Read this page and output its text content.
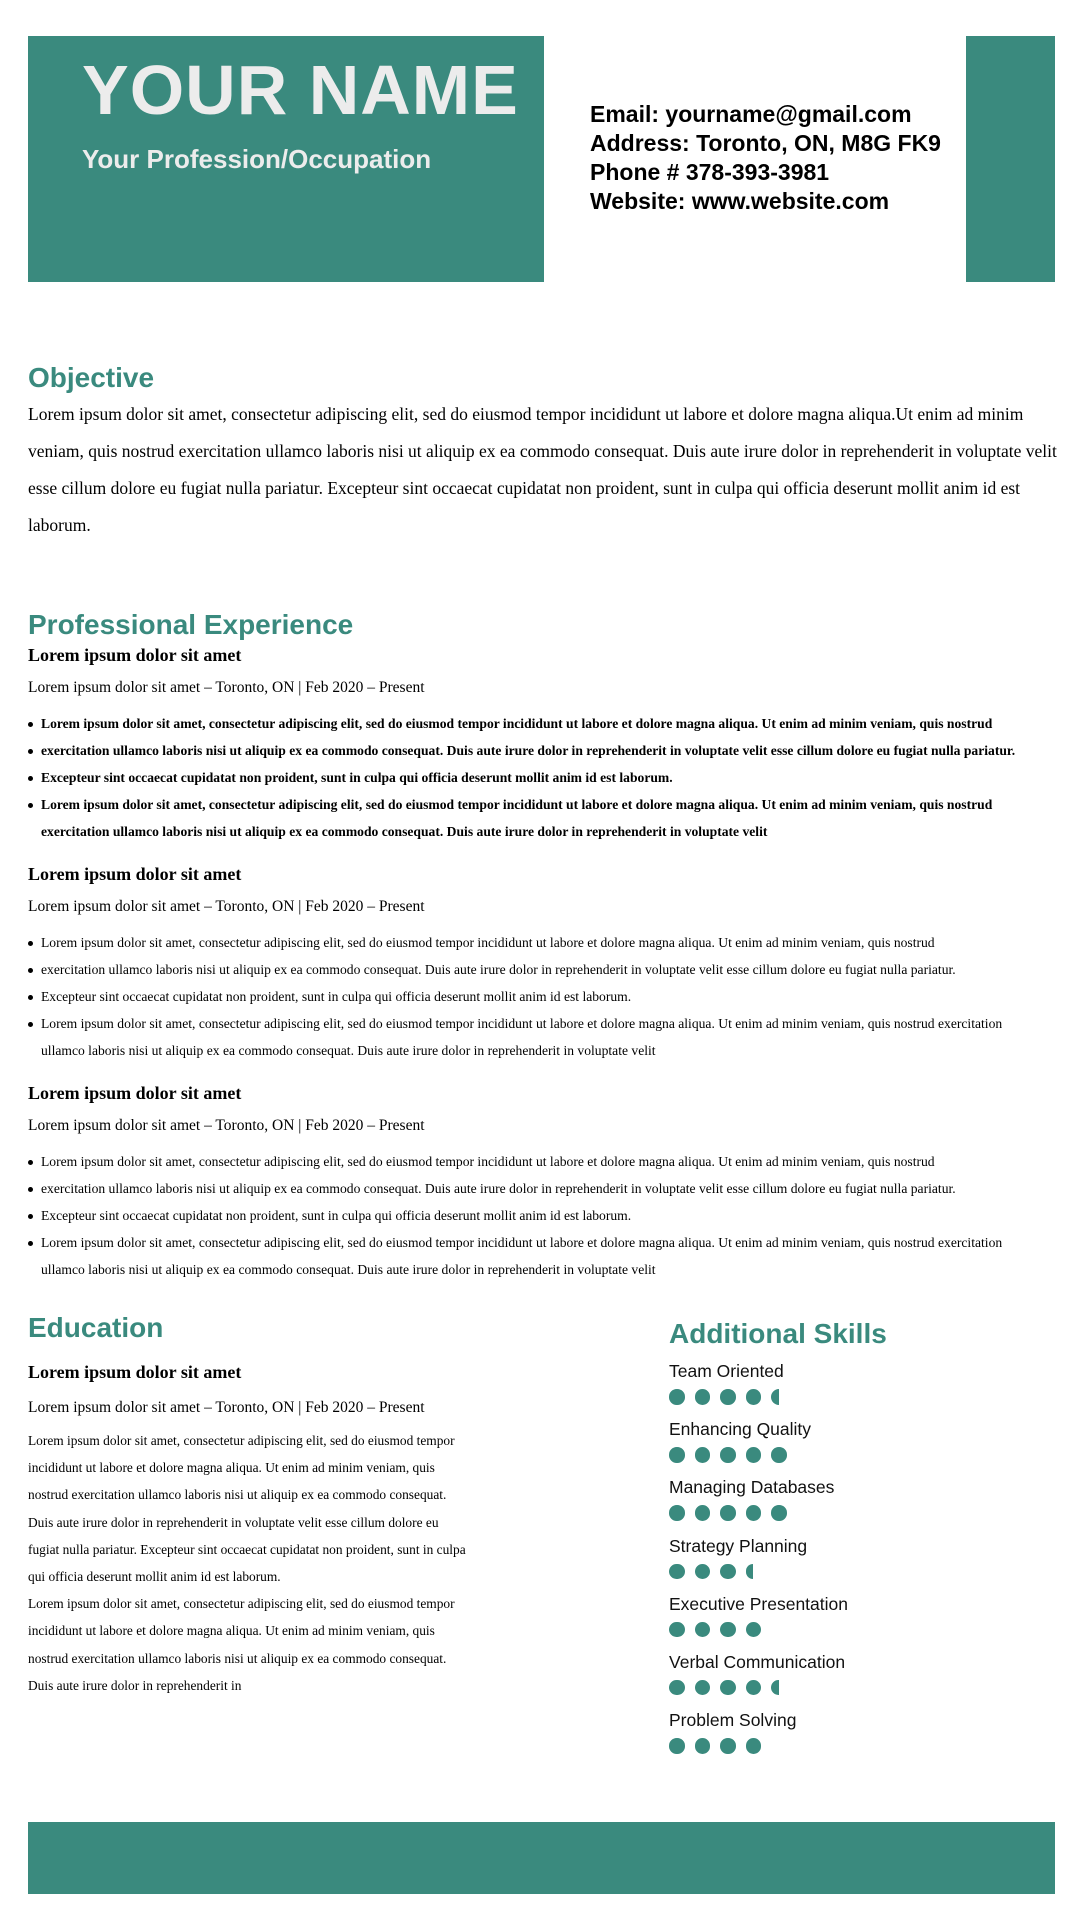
YOUR NAME
Your Profession/Occupation
Email: yourname@gmail.com
Address: Toronto, ON, M8G FK9
Phone # 378-393-3981
Website: www.website.com
Objective
Lorem ipsum dolor sit amet, consectetur adipiscing elit, sed do eiusmod tempor incididunt ut labore et dolore magna aliqua.Ut enim ad minim veniam, quis nostrud exercitation ullamco laboris nisi ut aliquip ex ea commodo consequat. Duis aute irure dolor in reprehenderit in voluptate velit esse cillum dolore eu fugiat nulla pariatur. Excepteur sint occaecat cupidatat non proident, sunt in culpa qui officia deserunt mollit anim id est laborum.
Professional Experience
Lorem ipsum dolor sit amet
Lorem ipsum dolor sit amet – Toronto, ON | Feb 2020 – Present
Lorem ipsum dolor sit amet, consectetur adipiscing elit, sed do eiusmod tempor incididunt ut labore et dolore magna aliqua. Ut enim ad minim veniam, quis nostrud
exercitation ullamco laboris nisi ut aliquip ex ea commodo consequat. Duis aute irure dolor in reprehenderit in voluptate velit esse cillum dolore eu fugiat nulla pariatur.
Excepteur sint occaecat cupidatat non proident, sunt in culpa qui officia deserunt mollit anim id est laborum.
Lorem ipsum dolor sit amet, consectetur adipiscing elit, sed do eiusmod tempor incididunt ut labore et dolore magna aliqua. Ut enim ad minim veniam, quis nostrud exercitation ullamco laboris nisi ut aliquip ex ea commodo consequat. Duis aute irure dolor in reprehenderit in voluptate velit
Lorem ipsum dolor sit amet
Lorem ipsum dolor sit amet – Toronto, ON | Feb 2020 – Present
Lorem ipsum dolor sit amet, consectetur adipiscing elit, sed do eiusmod tempor incididunt ut labore et dolore magna aliqua. Ut enim ad minim veniam, quis nostrud
exercitation ullamco laboris nisi ut aliquip ex ea commodo consequat. Duis aute irure dolor in reprehenderit in voluptate velit esse cillum dolore eu fugiat nulla pariatur.
Excepteur sint occaecat cupidatat non proident, sunt in culpa qui officia deserunt mollit anim id est laborum.
Lorem ipsum dolor sit amet, consectetur adipiscing elit, sed do eiusmod tempor incididunt ut labore et dolore magna aliqua. Ut enim ad minim veniam, quis nostrud exercitation ullamco laboris nisi ut aliquip ex ea commodo consequat. Duis aute irure dolor in reprehenderit in voluptate velit
Lorem ipsum dolor sit amet
Lorem ipsum dolor sit amet – Toronto, ON | Feb 2020 – Present
Lorem ipsum dolor sit amet, consectetur adipiscing elit, sed do eiusmod tempor incididunt ut labore et dolore magna aliqua. Ut enim ad minim veniam, quis nostrud
exercitation ullamco laboris nisi ut aliquip ex ea commodo consequat. Duis aute irure dolor in reprehenderit in voluptate velit esse cillum dolore eu fugiat nulla pariatur.
Excepteur sint occaecat cupidatat non proident, sunt in culpa qui officia deserunt mollit anim id est laborum.
Lorem ipsum dolor sit amet, consectetur adipiscing elit, sed do eiusmod tempor incididunt ut labore et dolore magna aliqua. Ut enim ad minim veniam, quis nostrud exercitation ullamco laboris nisi ut aliquip ex ea commodo consequat. Duis aute irure dolor in reprehenderit in voluptate velit
Education
Lorem ipsum dolor sit amet
Lorem ipsum dolor sit amet – Toronto, ON | Feb 2020 – Present
Lorem ipsum dolor sit amet, consectetur adipiscing elit, sed do eiusmod tempor incididunt ut labore et dolore magna aliqua. Ut enim ad minim veniam, quis nostrud exercitation ullamco laboris nisi ut aliquip ex ea commodo consequat. Duis aute irure dolor in reprehenderit in voluptate velit esse cillum dolore eu fugiat nulla pariatur. Excepteur sint occaecat cupidatat non proident, sunt in culpa qui officia deserunt mollit anim id est laborum.
Lorem ipsum dolor sit amet, consectetur adipiscing elit, sed do eiusmod tempor incididunt ut labore et dolore magna aliqua. Ut enim ad minim veniam, quis nostrud exercitation ullamco laboris nisi ut aliquip ex ea commodo consequat. Duis aute irure dolor in reprehenderit in
Additional Skills
Team Oriented
Enhancing Quality
Managing Databases
Strategy Planning
Executive Presentation
Verbal Communication
Problem Solving
